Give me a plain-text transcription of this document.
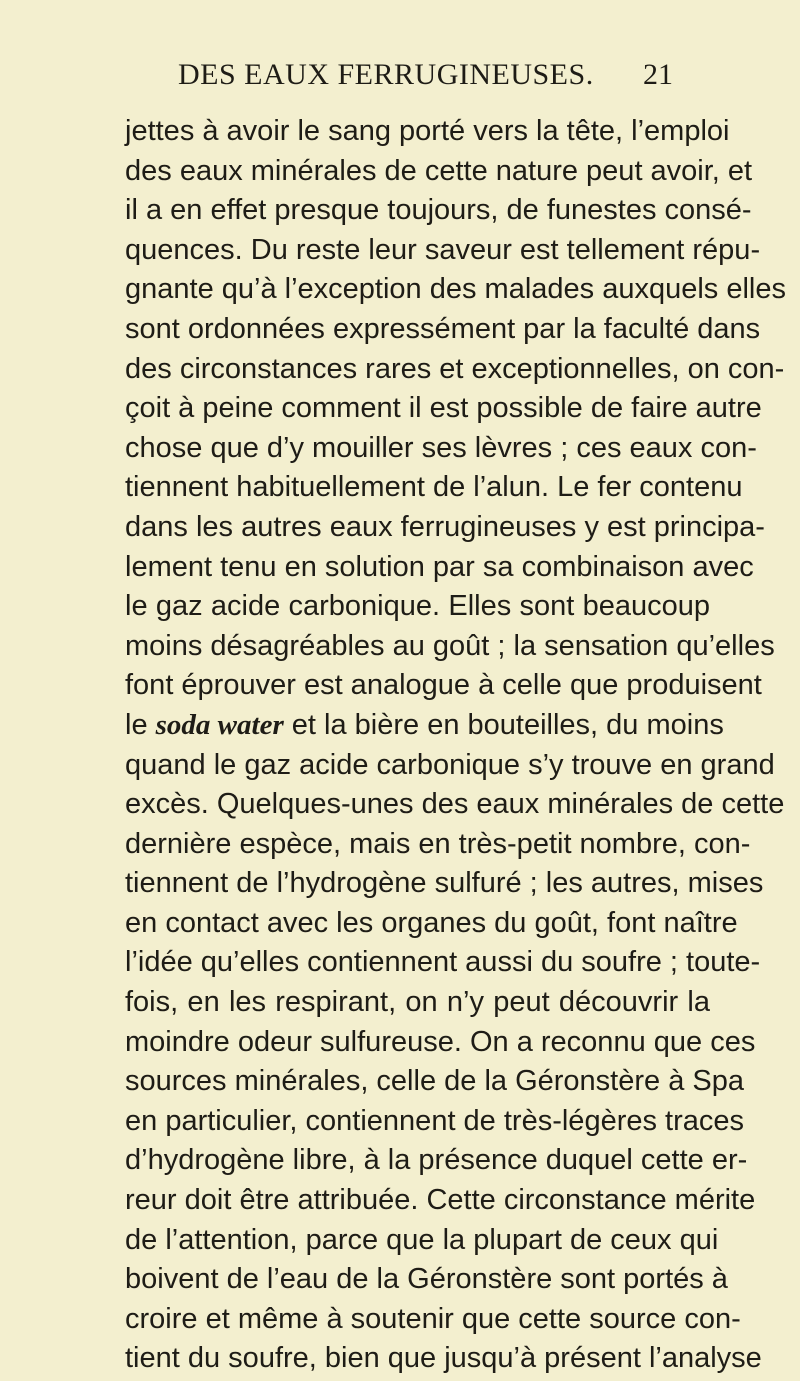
DES EAUX FERRUGINEUSES. 21
jettes à avoir le sang porté vers la tête, l’emploi
des eaux minérales de cette nature peut avoir, et
il a en effet presque toujours, de funestes consé-
quences. Du reste leur saveur est tellement répu-
gnante qu’à l’exception des malades auxquels elles
sont ordonnées expressément par la faculté dans
des circonstances rares et exceptionnelles, on con-
çoit à peine comment il est possible de faire autre
chose que d’y mouiller ses lèvres ; ces eaux con-
tiennent habituellement de l’alun. Le fer contenu
dans les autres eaux ferrugineuses y est principa-
lement tenu en solution par sa combinaison avec
le gaz acide carbonique. Elles sont beaucoup
moins désagréables au goût ; la sensation qu’elles
font éprouver est analogue à celle que produisent
le soda water et la bière en bouteilles, du moins
quand le gaz acide carbonique s’y trouve en grand
excès. Quelques-unes des eaux minérales de cette
dernière espèce, mais en très-petit nombre, con-
tiennent de l’hydrogène sulfuré ; les autres, mises
en contact avec les organes du goût, font naître
l’idée qu’elles contiennent aussi du soufre ; toute-
fois, en les respirant, on n’y peut découvrir la
moindre odeur sulfureuse. On a reconnu que ces
sources minérales, celle de la Géronstère à Spa
en particulier, contiennent de très-légères traces
d’hydrogène libre, à la présence duquel cette er-
reur doit être attribuée. Cette circonstance mérite
de l’attention, parce que la plupart de ceux qui
boivent de l’eau de la Géronstère sont portés à
croire et même à soutenir que cette source con-
tient du soufre, bien que jusqu’à présent l’analyse
